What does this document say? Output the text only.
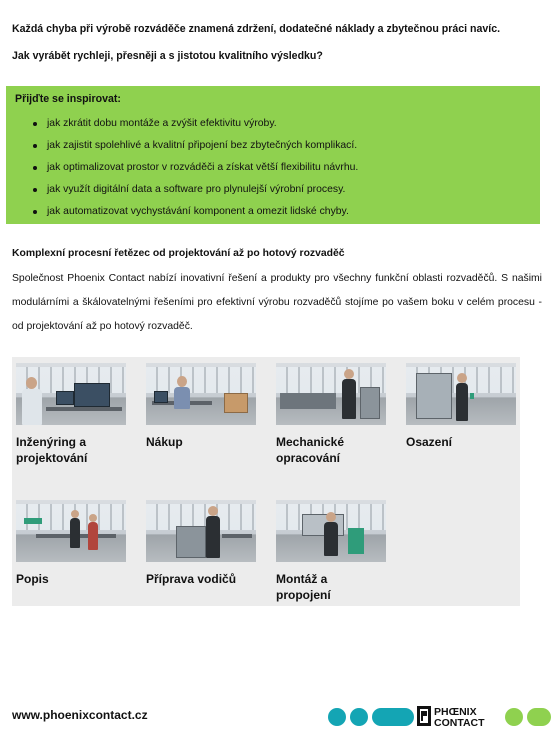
Každá chyba při výrobě rozváděče znamená zdržení, dodatečné náklady a zbytečnou práci navíc.

Jak vyrábět rychleji, přesněji a s jistotou kvalitního výsledku?

Přijďte se inspirovat:
jak zkrátit dobu montáže a zvýšit efektivitu výroby.
jak zajistit spolehlivé a kvalitní připojení bez zbytečných komplikací.
jak optimalizovat prostor v rozváděči a získat větší flexibilitu návrhu.
jak využít digitální data a software pro plynulejší výrobní procesy.
jak automatizovat vychystávání komponent a omezit lidské chyby.
Komplexní procesní řetězec od projektování až po hotový rozvaděč

Společnost Phoenix Contact nabízí inovativní řešení a produkty pro všechny funkční oblasti rozvaděčů. S našimi modulárními a škálovatelnými řešeními pro efektivní výrobu rozvaděčů stojíme po vašem boku v celém procesu - od projektování až po hotový rozvaděč.

Inženýring a
projektování
Nákup	Mechanické
opracování
Osazení
Popis	Příprava vodičů	Montáž a
propojení
www.phoenixcontact.cz	PHŒNIX
CONTACT
